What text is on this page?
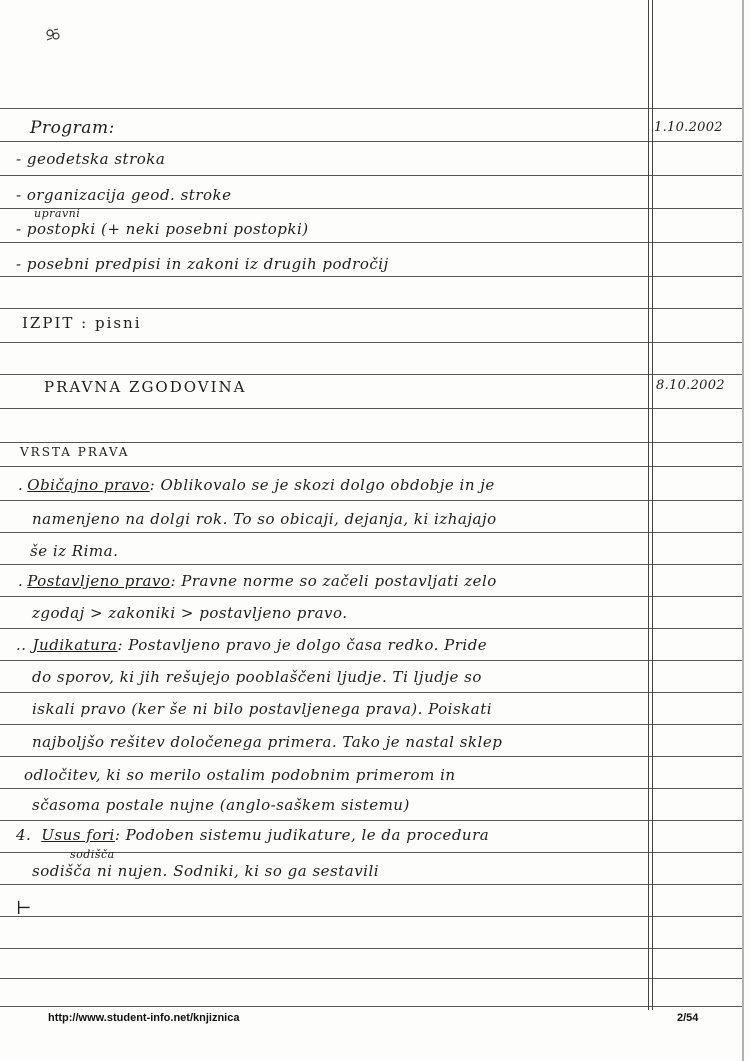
Program:	1.10.2002
- geodetska stroka
- organizacija geod. stroke
upravni
- postopki (+ neki posebni postopki)
- posebni predpisi in zakoni iz drugih področij
IZPIT : pisni
PRAVNA ZGODOVINA	8.10.2002
VRSTA PRAVA
. Običajno pravo: Oblikovalo se je skozi dolgo obdobje in je
namenjeno na dolgi rok. To so obicaji, dejanja, ki izhajajo
še iz Rima.
. Postavljeno pravo: Pravne norme so začeli postavljati zelo
zgodaj > zakoniki > postavljeno pravo.
.. Judikatura: Postavljeno pravo je dolgo časa redko. Pride
do sporov, ki jih rešujejo pooblaščeni ljudje. Ti ljudje so
iskali pravo (ker še ni bilo postavljenega prava). Poiskati
najboljšo rešitev določenega primera. Tako je nastal sklep
odločitev, ki so merilo ostalim podobnim primerom in
sčasoma postale nujne (anglo-saškem sistemu)
4. Usus fori: Podoben sistemu judikature, le da procedura
sodišča
sodišča ni nujen. Sodniki, ki so ga sestavili
⊢
http://www.student-info.net/knjiznica	2/54
